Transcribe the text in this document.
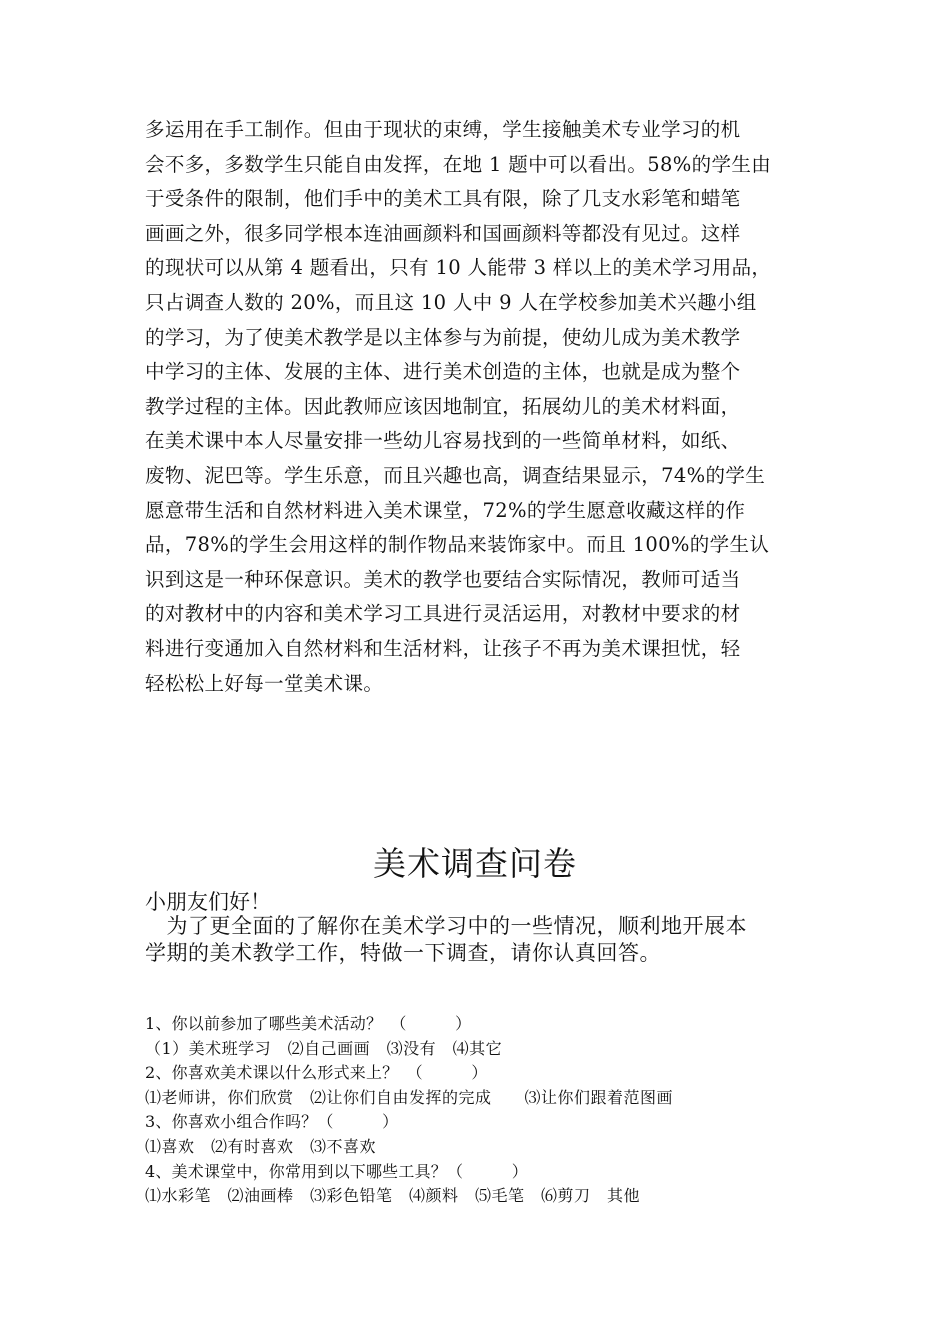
多运用在手工制作。但由于现状的束缚，学生接触美术专业学习的机
会不多，多数学生只能自由发挥，在地 1 题中可以看出。58%的学生由
于受条件的限制，他们手中的美术工具有限，除了几支水彩笔和蜡笔
画画之外，很多同学根本连油画颜料和国画颜料等都没有见过。这样
的现状可以从第 4 题看出，只有 10 人能带 3 样以上的美术学习用品，
只占调查人数的 20%，而且这 10 人中 9 人在学校参加美术兴趣小组
的学习，为了使美术教学是以主体参与为前提，使幼儿成为美术教学
中学习的主体、发展的主体、进行美术创造的主体，也就是成为整个
教学过程的主体。因此教师应该因地制宜，拓展幼儿的美术材料面，
在美术课中本人尽量安排一些幼儿容易找到的一些简单材料，如纸、
废物、泥巴等。学生乐意，而且兴趣也高，调查结果显示，74%的学生
愿意带生活和自然材料进入美术课堂，72%的学生愿意收藏这样的作
品，78%的学生会用这样的制作物品来装饰家中。而且 100%的学生认
识到这是一种环保意识。美术的教学也要结合实际情况，教师可适当
的对教材中的内容和美术学习工具进行灵活运用，对教材中要求的材
料进行变通加入自然材料和生活材料，让孩子不再为美术课担忧，轻
轻松松上好每一堂美术课。
美术调查问卷
小朋友们好！
　为了更全面的了解你在美术学习中的一些情况，顺利地开展本
学期的美术教学工作，特做一下调查，请你认真回答。
1、你以前参加了哪些美术活动？　（　　　）
（1）美术班学习　⑵自己画画　⑶没有　⑷其它
2、你喜欢美术课以什么形式来上？　（　　　）
⑴老师讲，你们欣赏　⑵让你们自由发挥的完成　　⑶让你们跟着范图画
3、你喜欢小组合作吗？（　　　）
⑴喜欢　⑵有时喜欢　⑶不喜欢
4、美术课堂中，你常用到以下哪些工具？（　　　）
⑴水彩笔　⑵油画棒　⑶彩色铅笔　⑷颜料　⑸毛笔　⑹剪刀　其他
